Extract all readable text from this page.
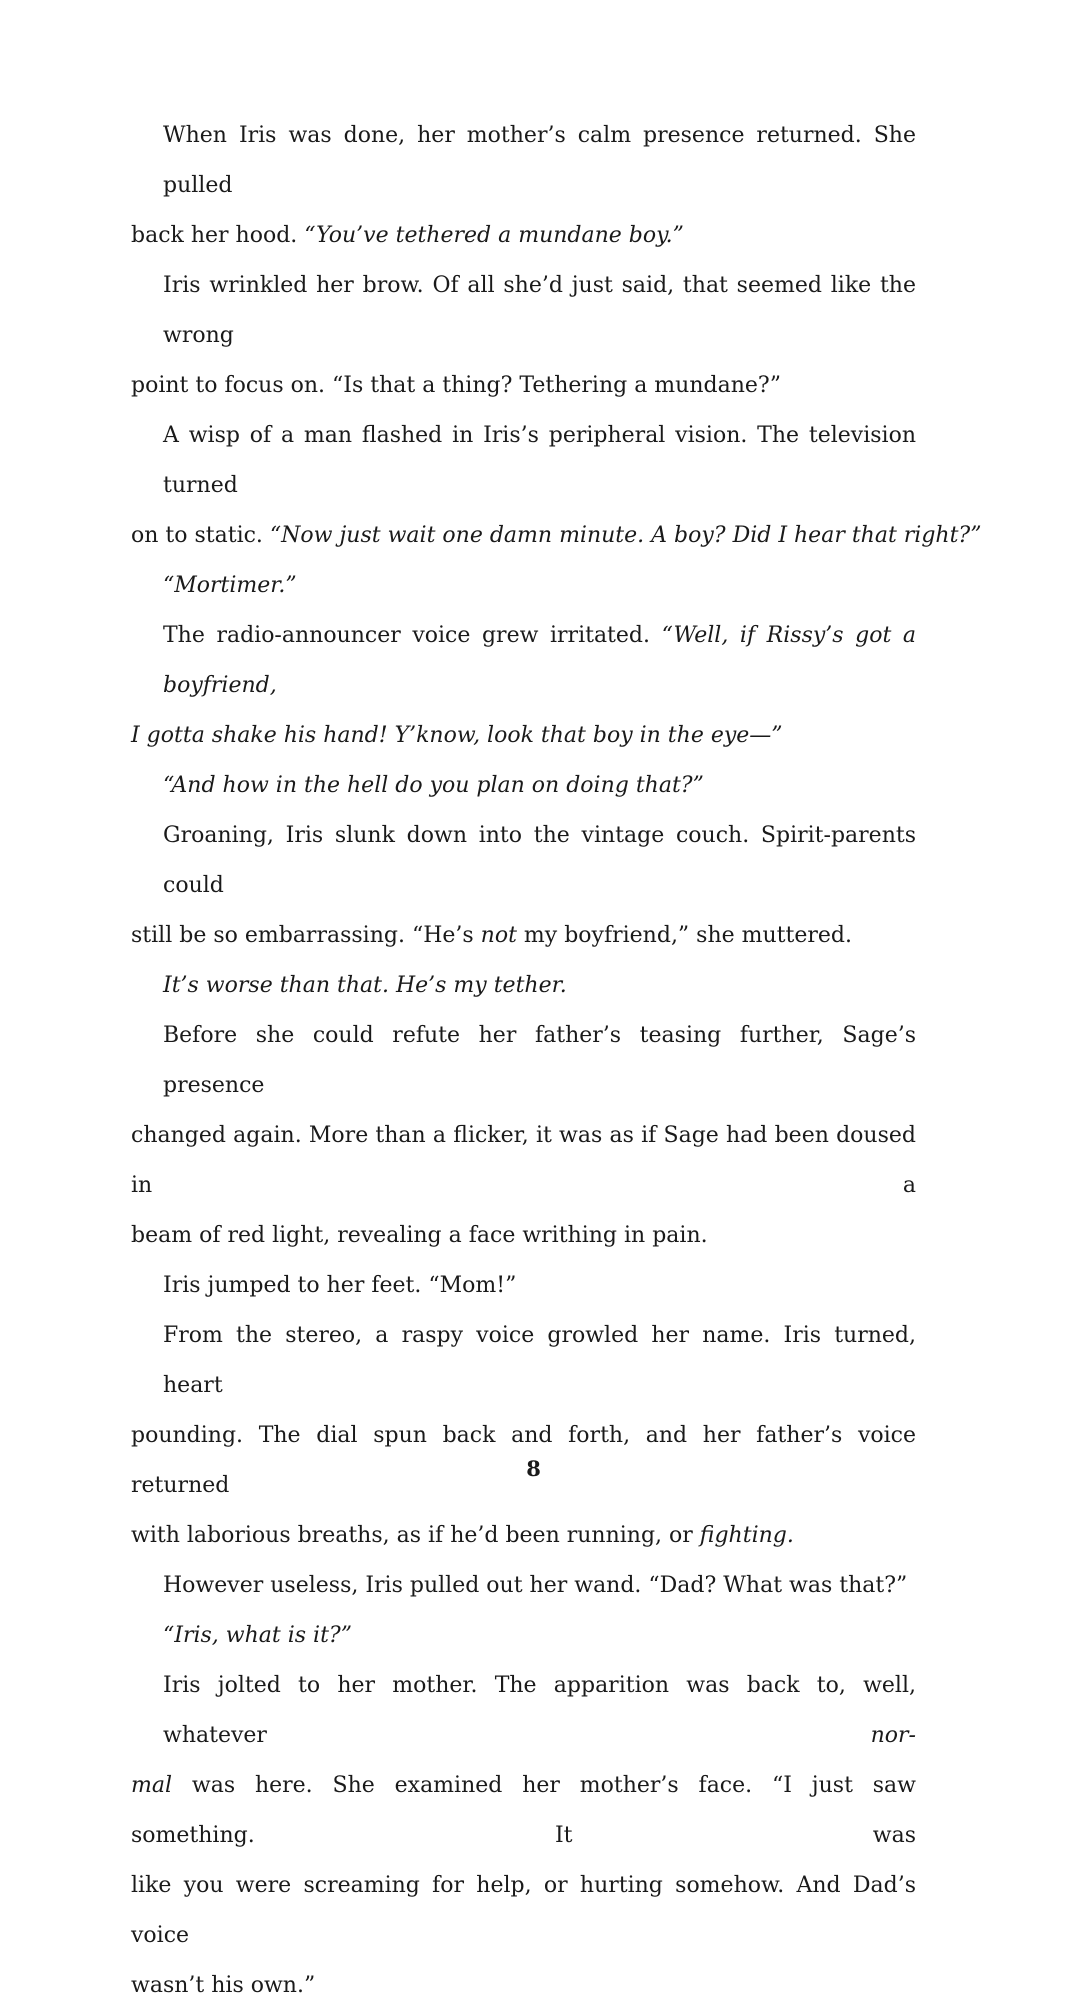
When Iris was done, her mother’s calm presence returned. She pulled
back her hood. “You’ve tethered a mundane boy.”
Iris wrinkled her brow. Of all she’d just said, that seemed like the wrong
point to focus on. “Is that a thing? Tethering a mundane?”
A wisp of a man flashed in Iris’s peripheral vision. The television turned
on to static. “Now just wait one damn minute. A boy? Did I hear that right?”
“Mortimer.”
The radio-announcer voice grew irritated. “Well, if Rissy’s got a boyfriend,
I gotta shake his hand! Y’know, look that boy in the eye—”
“And how in the hell do you plan on doing that?”
Groaning, Iris slunk down into the vintage couch. Spirit-parents could
still be so embarrassing. “He’s not my boyfriend,” she muttered.
It’s worse than that. He’s my tether.
Before she could refute her father’s teasing further, Sage’s presence
changed again. More than a flicker, it was as if Sage had been doused in a
beam of red light, revealing a face writhing in pain.
Iris jumped to her feet. “Mom!”
From the stereo, a raspy voice growled her name. Iris turned, heart
pounding. The dial spun back and forth, and her father’s voice returned
with laborious breaths, as if he’d been running, or fighting.
However useless, Iris pulled out her wand. “Dad? What was that?”
“Iris, what is it?”
Iris jolted to her mother. The apparition was back to, well, whatever nor-
mal was here. She examined her mother’s face. “I just saw something. It was
like you were screaming for help, or hurting somehow. And Dad’s voice
wasn’t his own.”
8
